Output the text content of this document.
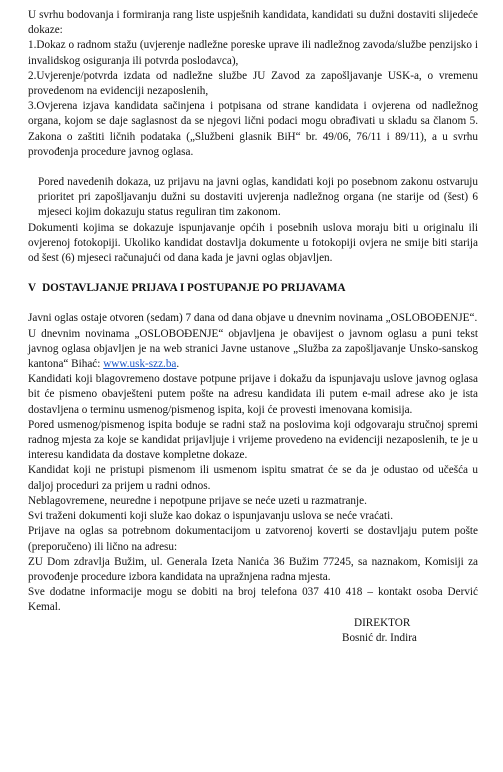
U svrhu bodovanja i formiranja rang liste uspješnih kandidata, kandidati su dužni dostaviti slijedeće dokaze:

1.Dokaz o radnom stažu (uvjerenje nadležne poreske uprave ili nadležnog zavoda/službe penzijsko i invalidskog osiguranja ili potvrda poslodavca),

2.Uvjerenje/potvrda izdata od nadležne službe JU Zavod za zapošljavanje USK-a, o vremenu provedenom na evidenciji nezaposlenih,

3.Ovjerena izjava kandidata sačinjena i potpisana od strane kandidata i ovjerena od nadležnog organa, kojom se daje saglasnost da se njegovi lični podaci mogu obrađivati u skladu sa članom 5. Zakona o zaštiti ličnih podataka („Službeni glasnik BiH“ br. 49/06, 76/11 i 89/11), a u svrhu provođenja procedure javnog oglasa.

Pored navedenih dokaza, uz prijavu na javni oglas, kandidati koji po posebnom zakonu ostvaruju prioritet pri zapošljavanju dužni su dostaviti uvjerenja nadležnog organa (ne starije od (šest) 6 mjeseci kojim dokazuju status reguliran tim zakonom.

Dokumenti kojima se dokazuje ispunjavanje općih i posebnih uslova moraju biti u originalu ili ovjerenoj fotokopiji. Ukoliko kandidat dostavlja dokumente u fotokopiji ovjera ne smije biti starija od šest (6) mjeseci računajući od dana kada je javni oglas objavljen.

V DOSTAVLJANJE PRIJAVA I POSTUPANJE PO PRIJAVAMA

Javni oglas ostaje otvoren (sedam) 7 dana od dana objave u dnevnim novinama „OSLOBOĐENJE“.

U dnevnim novinama „OSLOBOĐENJE“ objavljena je obavijest o javnom oglasu a puni tekst javnog oglasa objavljen je na web stranici Javne ustanove „Služba za zapošljavanje Unsko-sanskog kantona“ Bihać: www.usk-szz.ba.

Kandidati koji blagovremeno dostave potpune prijave i dokažu da ispunjavaju uslove javnog oglasa bit će pismeno obavješteni putem pošte na adresu kandidata ili putem e-mail adrese ako je ista dostavljena o terminu usmenog/pismenog ispita, koji će provesti imenovana komisija.

Pored usmenog/pismenog ispita boduje se radni staž na poslovima koji odgovaraju stručnoj spremi radnog mjesta za koje se kandidat prijavljuje i vrijeme provedeno na evidenciji nezaposlenih, te je u interesu kandidata da dostave kompletne dokaze.

Kandidat koji ne pristupi pismenom ili usmenom ispitu smatrat će se da je odustao od učešća u daljoj proceduri za prijem u radni odnos.

Neblagovremene, neuredne i nepotpune prijave se neće uzeti u razmatranje.

Svi traženi dokumenti koji služe kao dokaz o ispunjavanju uslova se neće vraćati.

Prijave na oglas sa potrebnom dokumentacijom u zatvorenoj koverti se dostavljaju putem pošte (preporučeno) ili lično na adresu:

ZU Dom zdravlja Bužim, ul. Generala Izeta Nanića 36 Bužim 77245, sa naznakom, Komisiji za provođenje procedure izbora kandidata na upražnjena radna mjesta.

Sve dodatne informacije mogu se dobiti na broj telefona 037 410 418 – kontakt osoba Dervić Kemal.

DIREKTOR

Bosnić dr. Indira
